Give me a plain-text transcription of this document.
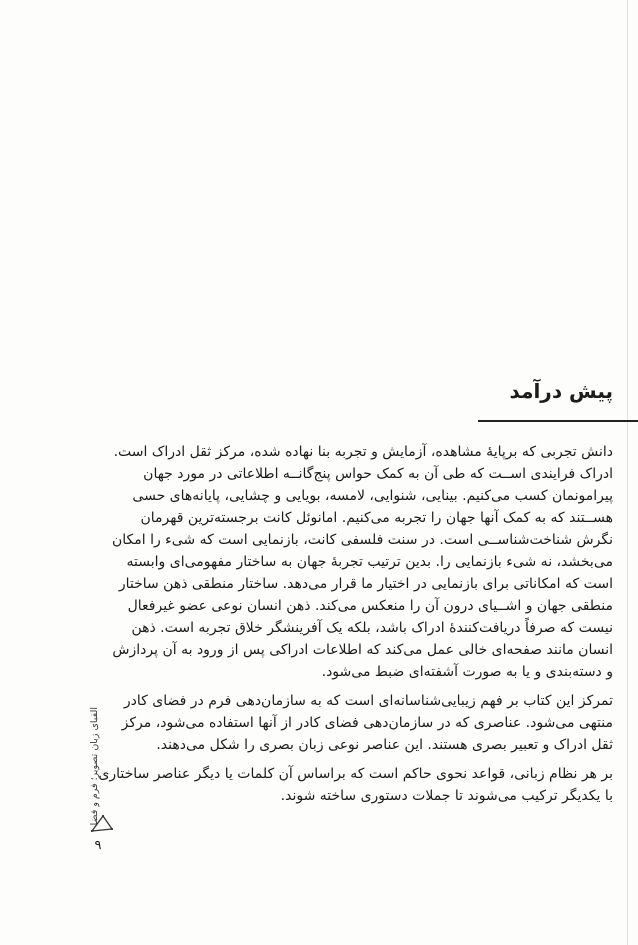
پیش درآمد
دانش تجربی که برپایهٔ مشاهده، آزمایش و تجربه بنا نهاده شده، مرکز ثقل ادراک است.
ادراک فرایندی اســت که طی آن به کمک حواس پنج‌گانــه اطلاعاتی در مورد جهان
پیرامونمان کسب می‌کنیم. بینایی، شنوایی، لامسه، بویایی و چشایی، پایانه‌های حسی
هســتند که به کمک آنها جهان را تجربه می‌کنیم. امانوئل کانت برجسته‌ترین قهرمان
نگرش شناخت‌شناســی است. در سنت فلسفی کانت، بازنمایی است که شیء را امکان
می‌بخشد، نه شیء بازنمایی را. بدین ترتیب تجربهٔ جهان به ساختار مفهومی‌ای وابسته
است که امکاناتی برای بازنمایی در اختیار ما قرار می‌دهد. ساختار منطقی ذهن ساختار
منطقی جهان و اشــیای درون آن را منعکس می‌کند. ذهن انسان نوعی عضو غیرفعال
نیست که صرفاً دریافت‌کنندهٔ ادراک باشد، بلکه یک آفرینشگر خلاق تجربه است. ذهن
انسان مانند صفحه‌ای خالی عمل می‌کند که اطلاعات ادراکی پس از ورود به آن پردازش
و دسته‌بندی و یا به صورت آشفته‌ای ضبط می‌شود.
تمرکز این کتاب بر فهم زیبایی‌شناسانه‌ای است که به سازمان‌دهی فرم در فضای کادر
منتهی می‌شود. عناصری که در سازمان‌دهی فضای کادر از آنها استفاده می‌شود، مرکز
ثقل ادراک و تعبیر بصری هستند. این عناصر نوعی زبان بصری را شکل می‌دهند.
بر هر نظام زبانی، قواعد نحوی حاکم است که براساس آن کلمات یا دیگر عناصر ساختاری
با یکدیگر ترکیب می‌شوند تا جملات دستوری ساخته شوند.
الفبای زبان تصویر؛ فرم و فضا
۹
